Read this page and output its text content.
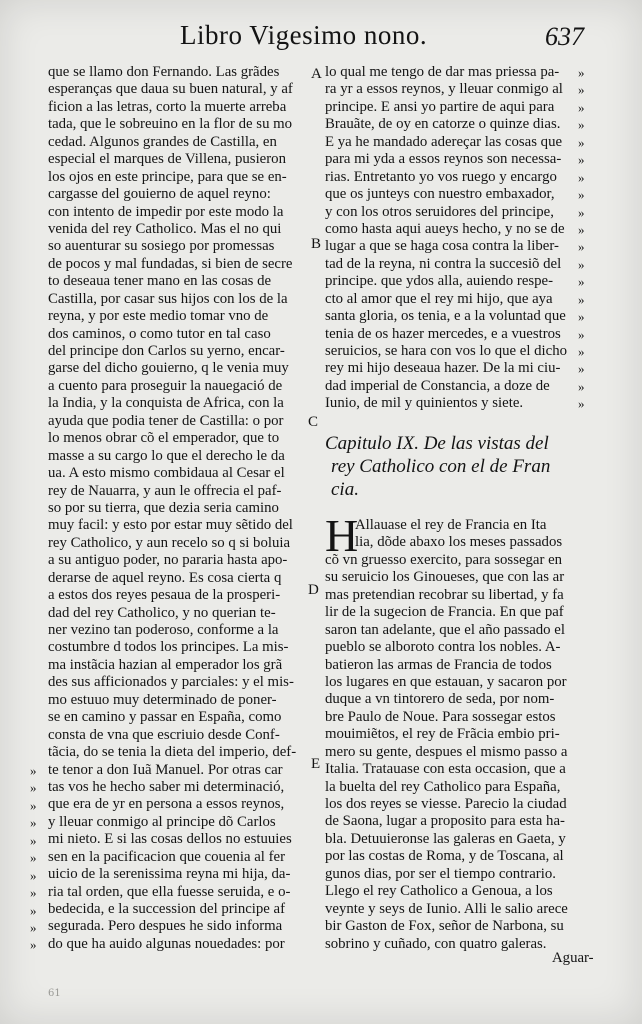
Libro Vigesimo nono.	637
que se llamo don Fernando. Las grãdes
esperanças que daua su buen natural, y af
ficion a las letras, corto la muerte arreba
tada, que le sobreuino en la flor de su mo
cedad. Algunos grandes de Castilla, en
especial el marques de Villena, pusieron
los ojos en este principe, para que se en-
cargasse del gouierno de aquel reyno:
con intento de impedir por este modo la
venida del rey Catholico. Mas el no qui
so auenturar su sosiego por promessas
de pocos y mal fundadas, si bien de secre
to deseaua tener mano en las cosas de
Castilla, por casar sus hijos con los de la
reyna, y por este medio tomar vno de
dos caminos, o como tutor en tal caso
del principe don Carlos su yerno, encar-
garse del dicho gouierno, q le venia muy
a cuento para proseguir la nauegació de
la India, y la conquista de Africa, con la
ayuda que podia tener de Castilla: o por
lo menos obrar cõ el emperador, que to
masse a su cargo lo que el derecho le da
ua. A esto mismo combidaua al Cesar el
rey de Nauarra, y aun le offrecia el paf-
so por su tierra, que dezia seria camino
muy facil: y esto por estar muy sẽtido del
rey Catholico, y aun recelo so q si boluia
a su antiguo poder, no pararia hasta apo-
derarse de aquel reyno. Es cosa cierta q
a estos dos reyes pesaua de la prosperi-
dad del rey Catholico, y no querian te-
ner vezino tan poderoso, conforme a la
costumbre d todos los principes. La mis-
ma instãcia hazian al emperador los grã
des sus afficionados y parciales: y el mis-
mo estuuo muy determinado de poner-
se en camino y passar en España, como
consta de vna que escriuio desde Conf-
tãcia, do se tenia la dieta del imperio, def-
te tenor a don Iuã Manuel. Por otras car
tas vos he hecho saber mi determinació,
que era de yr en persona a essos reynos,
y lleuar conmigo al principe dõ Carlos
mi nieto. E si las cosas dellos no estuuies
sen en la pacificacion que couenia al fer
uicio de la serenissima reyna mi hija, da-
ria tal orden, que ella fuesse seruida, e o-
bedecida, e la succession del principe af
segurada. Pero despues he sido informa
do que ha auido algunas nouedades: por
»
»
»
»
»
»
»
»
»
»
»
lo qual me tengo de dar mas priessa pa-
ra yr a essos reynos, y lleuar conmigo al
principe. E ansi yo partire de aqui para
Brauãte, de oy en catorze o quinze dias.
E ya he mandado adereçar las cosas que
para mi yda a essos reynos son necessa-
rias. Entretanto yo vos ruego y encargo
que os junteys con nuestro embaxador,
y con los otros seruidores del principe,
como hasta aqui aueys hecho, y no se de
lugar a que se haga cosa contra la liber-
tad de la reyna, ni contra la succesiõ del
principe. que ydos alla, auiendo respe-
cto al amor que el rey mi hijo, que aya
santa gloria, os tenia, e a la voluntad que
tenia de os hazer mercedes, e a vuestros
seruicios, se hara con vos lo que el dicho
rey mi hijo deseaua hazer. De la mi ciu-
dad imperial de Constancia, a doze de
Iunio, de mil y quinientos y siete.
»
»
»
»
»
»
»
»
»
»
»
»
»
»
»
»
»
»
»
»
A
B
C
D
E
Capitulo IX. De las vistas del
rey Catholico con el de Fran
cia.
H
Allauase el rey de Francia en Ita
lia, dõde abaxo los meses passados
cõ vn gruesso exercito, para sossegar en
su seruicio los Ginoueses, que con las ar
mas pretendian recobrar su libertad, y fa
lir de la sugecion de Francia. En que paf
saron tan adelante, que el año passado el
pueblo se alboroto contra los nobles. A-
batieron las armas de Francia de todos
los lugares en que estauan, y sacaron por
duque a vn tintorero de seda, por nom-
bre Paulo de Noue. Para sossegar estos
mouimiẽtos, el rey de Frãcia embio pri-
mero su gente, despues el mismo passo a
Italia. Tratauase con esta occasion, que a
la buelta del rey Catholico para España,
los dos reyes se viesse. Parecio la ciudad
de Saona, lugar a proposito para esta ha-
bla. Detuuieronse las galeras en Gaeta, y
por las costas de Roma, y de Toscana, al
gunos dias, por ser el tiempo contrario.
Llego el rey Catholico a Genoua, a los
veynte y seys de Iunio. Alli le salio arece
bir Gaston de Fox, señor de Narbona, su
sobrino y cuñado, con quatro galeras.
Aguar-
61
